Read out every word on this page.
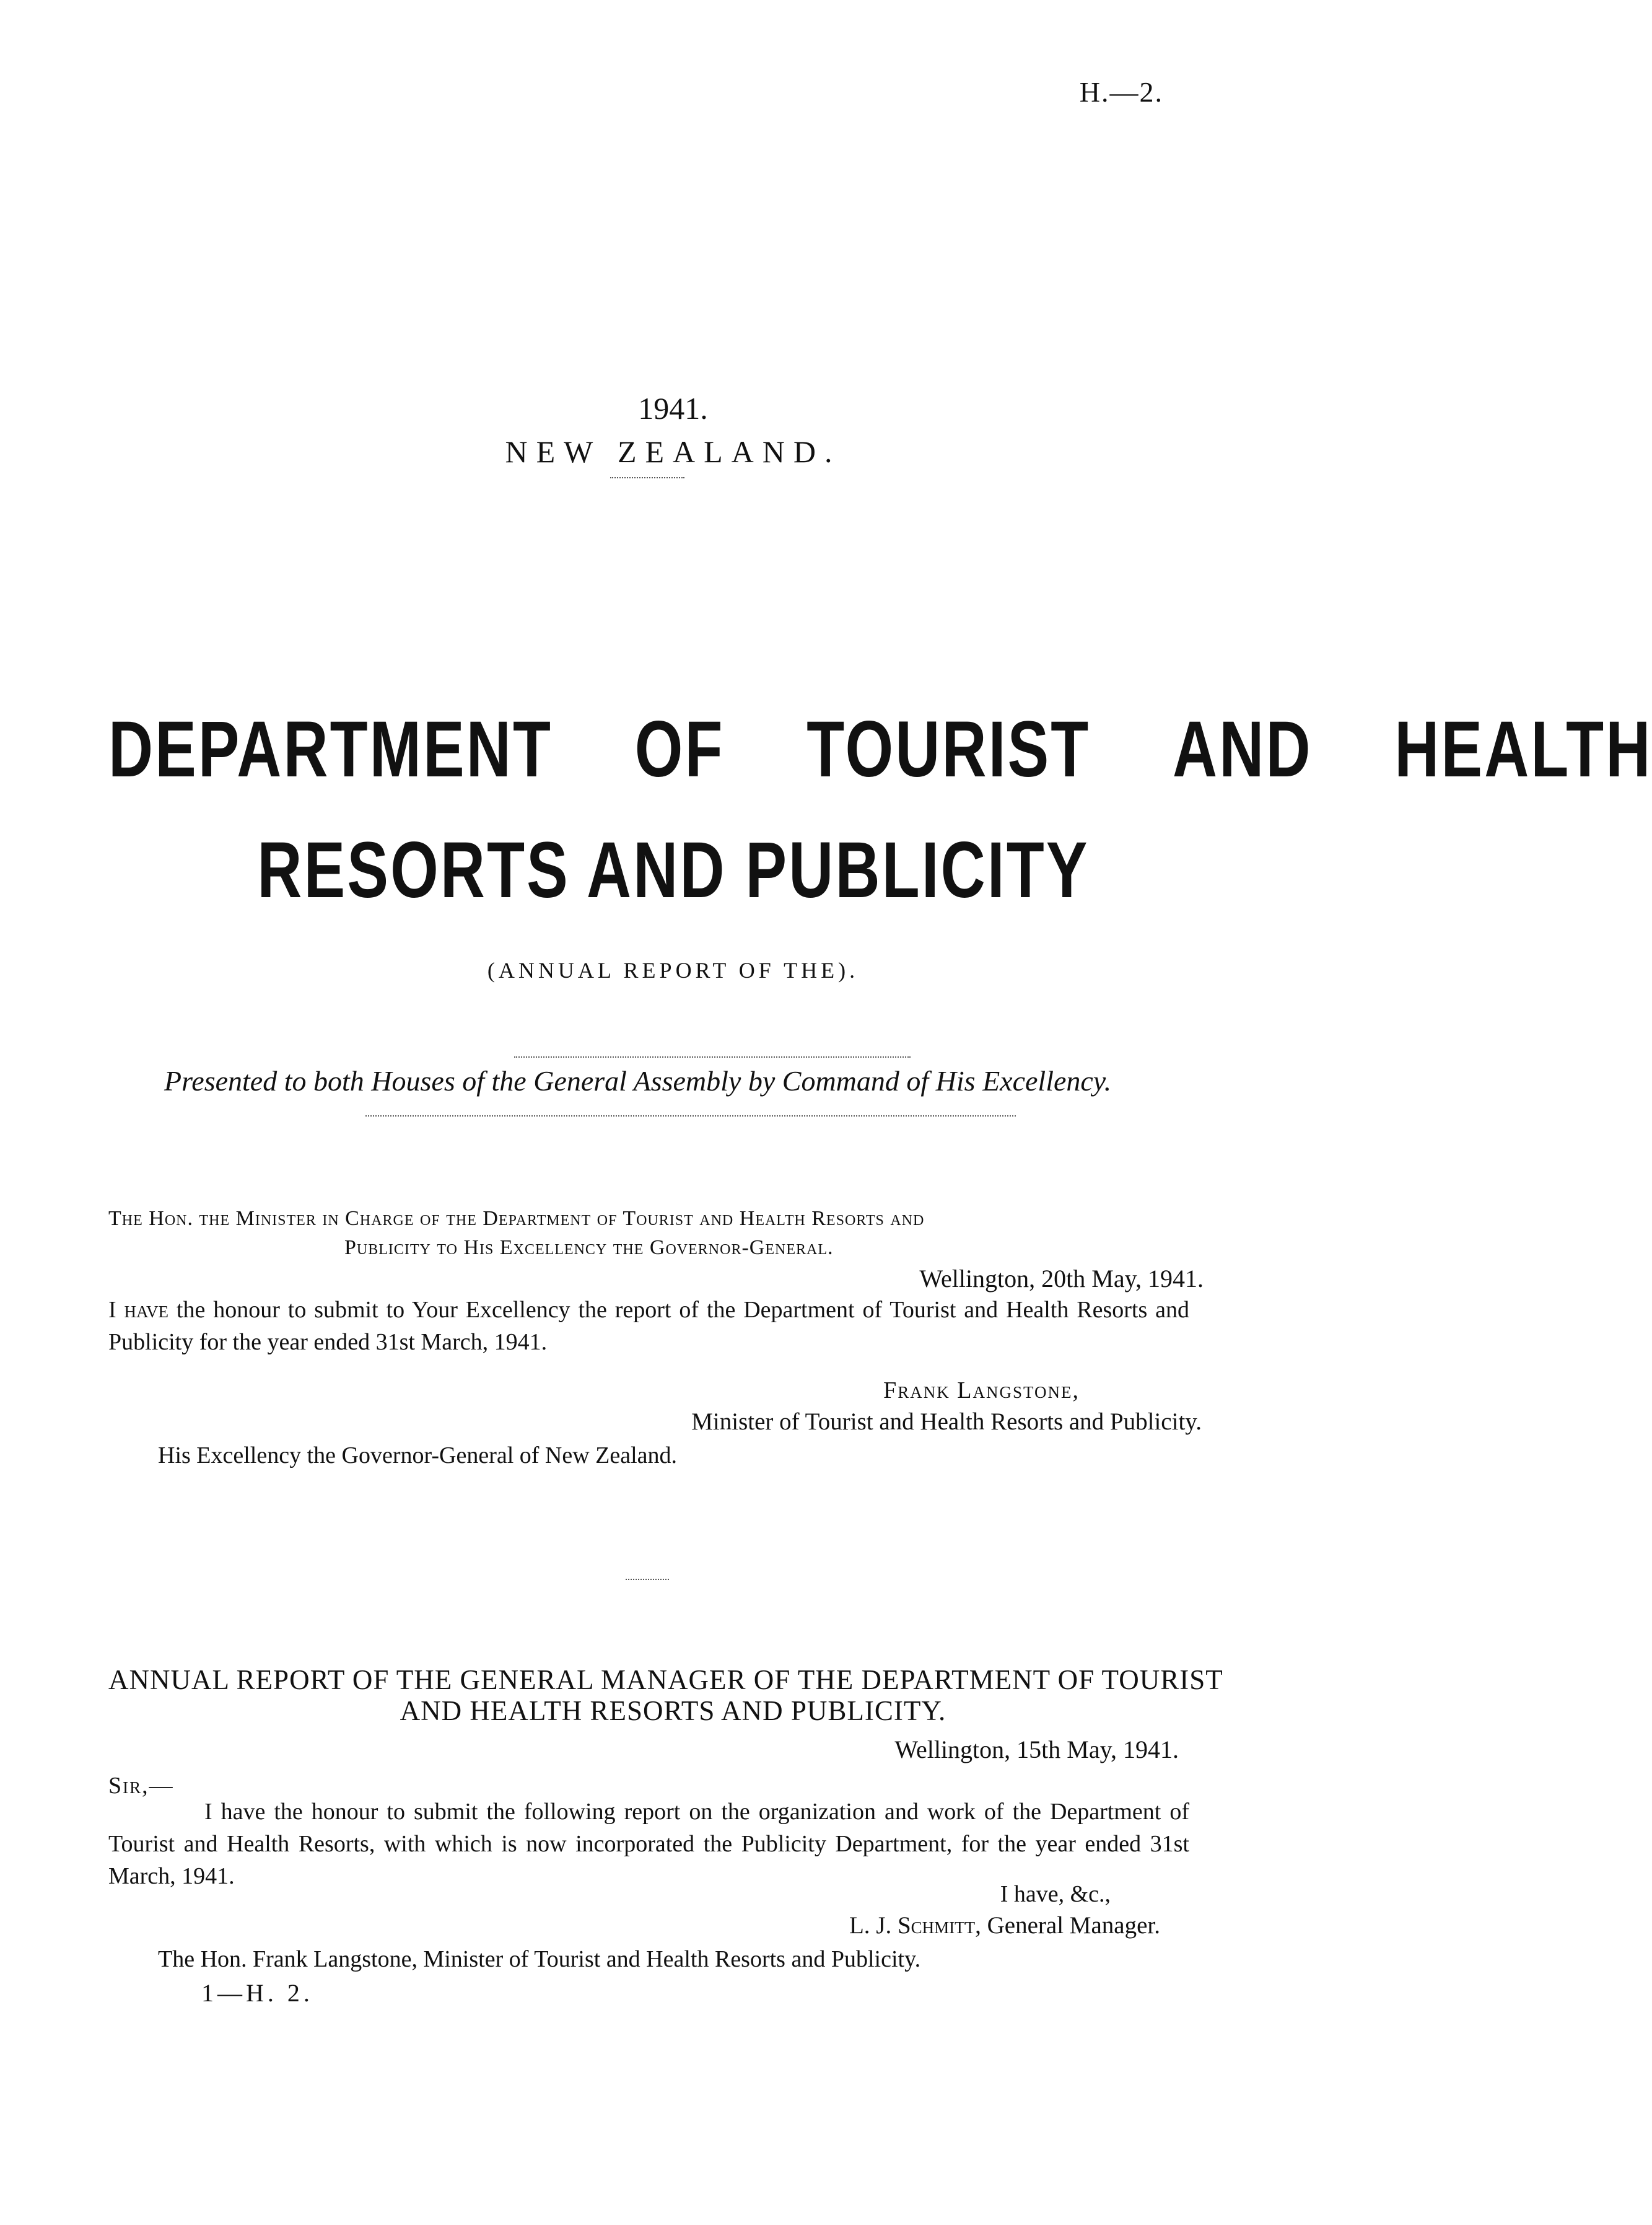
H.—2.
1941.
NEW ZEALAND.
DEPARTMENT OF TOURIST AND HEALTH
RESORTS AND PUBLICITY
(ANNUAL REPORT OF THE).
Presented to both Houses of the General Assembly by Command of His Excellency.
The Hon. the Minister in Charge of the Department of Tourist and Health Resorts and
Publicity to His Excellency the Governor-General.
Wellington, 20th May, 1941.
I have the honour to submit to Your Excellency the report of the Department of Tourist and Health Resorts and Publicity for the year ended 31st March, 1941.
Frank Langstone,
Minister of Tourist and Health Resorts and Publicity.
His Excellency the Governor-General of New Zealand.
ANNUAL REPORT OF THE GENERAL MANAGER OF THE DEPARTMENT OF TOURIST
AND HEALTH RESORTS AND PUBLICITY.
Wellington, 15th May, 1941.
Sir,—
I have the honour to submit the following report on the organization and work of the Department of Tourist and Health Resorts, with which is now incorporated the Publicity Department, for the year ended 31st March, 1941.
I have, &c.,
L. J. Schmitt, General Manager.
The Hon. Frank Langstone, Minister of Tourist and Health Resorts and Publicity.
1—H. 2.
